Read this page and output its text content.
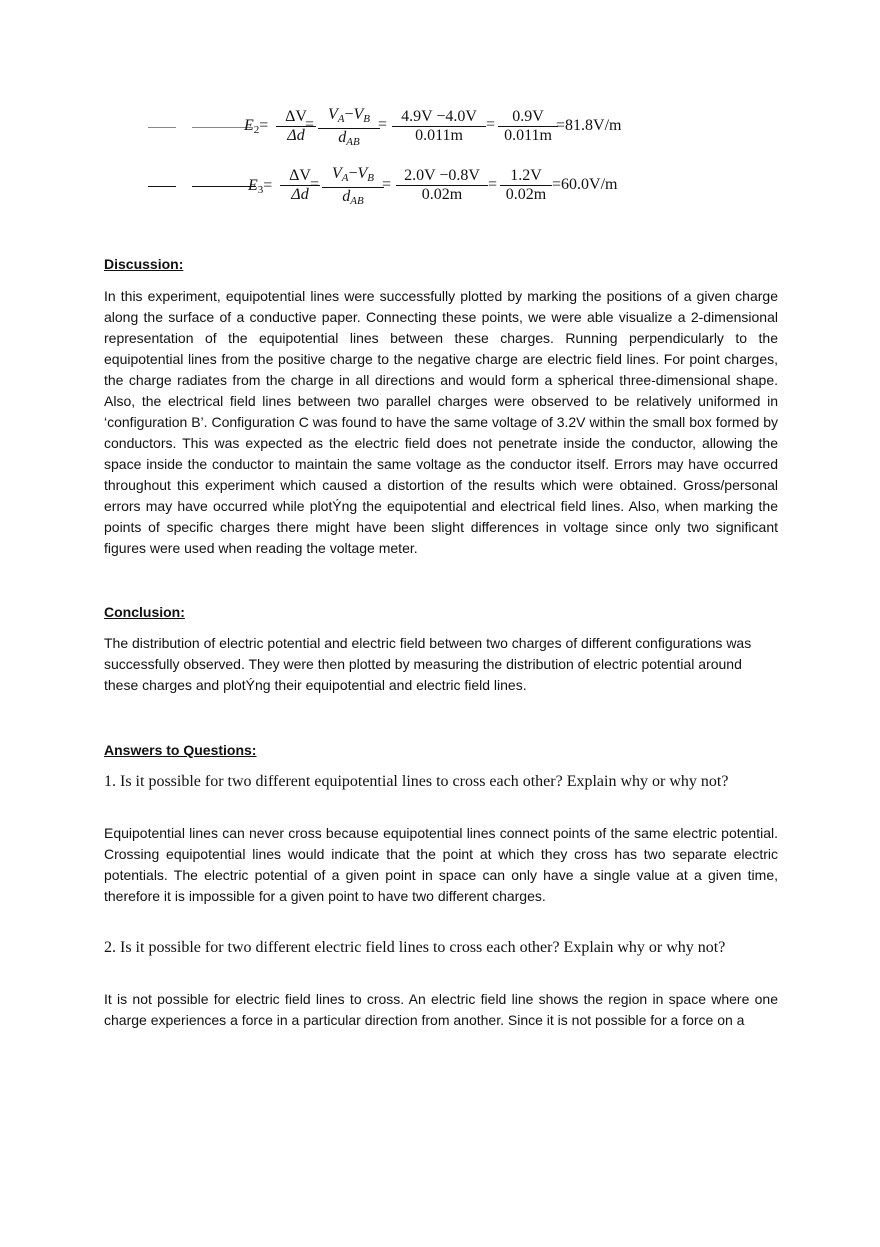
$E2= \frac{\Delta V}{\Delta d}$
=
$V_A-V_B$
$d_{AB}$
= $\frac{4.9V -4.0V}{0.011m} = \frac{0.9V}{0.011m}$
=81.8V/m
$E3= \frac{\Delta V}{\Delta d}$
=
$V_A-V_B$
$d_{AB}$
= $\frac{2.0V -0.8V}{0.02m} = \frac{1.2V}{0.02m} =60.0V/m$
Discussion:
In this experiment, equipotential lines were successfully plotted by marking the positions of a given charge along the surface of a conductive paper. Connecting these points, we were able visualize a 2-dimensional representation of the equipotential lines between these charges. Running perpendicularly to the equipotential lines from the positive charge to the negative charge are electric field lines. For point charges, the charge radiates from the charge in all directions and would form a spherical three-dimensional shape. Also, the electrical field lines between two parallel charges were observed to be relatively uniformed in ‘configuration B’. Configuration C was found to have the same voltage of 3.2V within the small box formed by conductors. This was expected as the electric field does not penetrate inside the conductor, allowing the space inside the conductor to maintain the same voltage as the conductor itself. Errors may have occurred throughout this experiment which caused a distortion of the results which were obtained. Gross/personal errors may have occurred while plotÝng the equipotential and electrical field lines. Also, when marking the points of specific charges there might have been slight differences in voltage since only two significant figures were used when reading the voltage meter.
Conclusion:
The distribution of electric potential and electric field between two charges of different configurations was successfully observed. They were then plotted by measuring the distribution of electric potential around these charges and plotÝng their equipotential and electric field lines.
Answers to Questions:
1. Is it possible for two different equipotential lines to cross each other? Explain why or why not?
Equipotential lines can never cross because equipotential lines connect points of the same electric potential. Crossing equipotential lines would indicate that the point at which they cross has two separate electric potentials. The electric potential of a given point in space can only have a single value at a given time, therefore it is impossible for a given point to have two different charges.
2. Is it possible for two different electric field lines to cross each other? Explain why or why not?
It is not possible for electric field lines to cross. An electric field line shows the region in space where one charge experiences a force in a particular direction from another. Since it is not possible for a force on a
